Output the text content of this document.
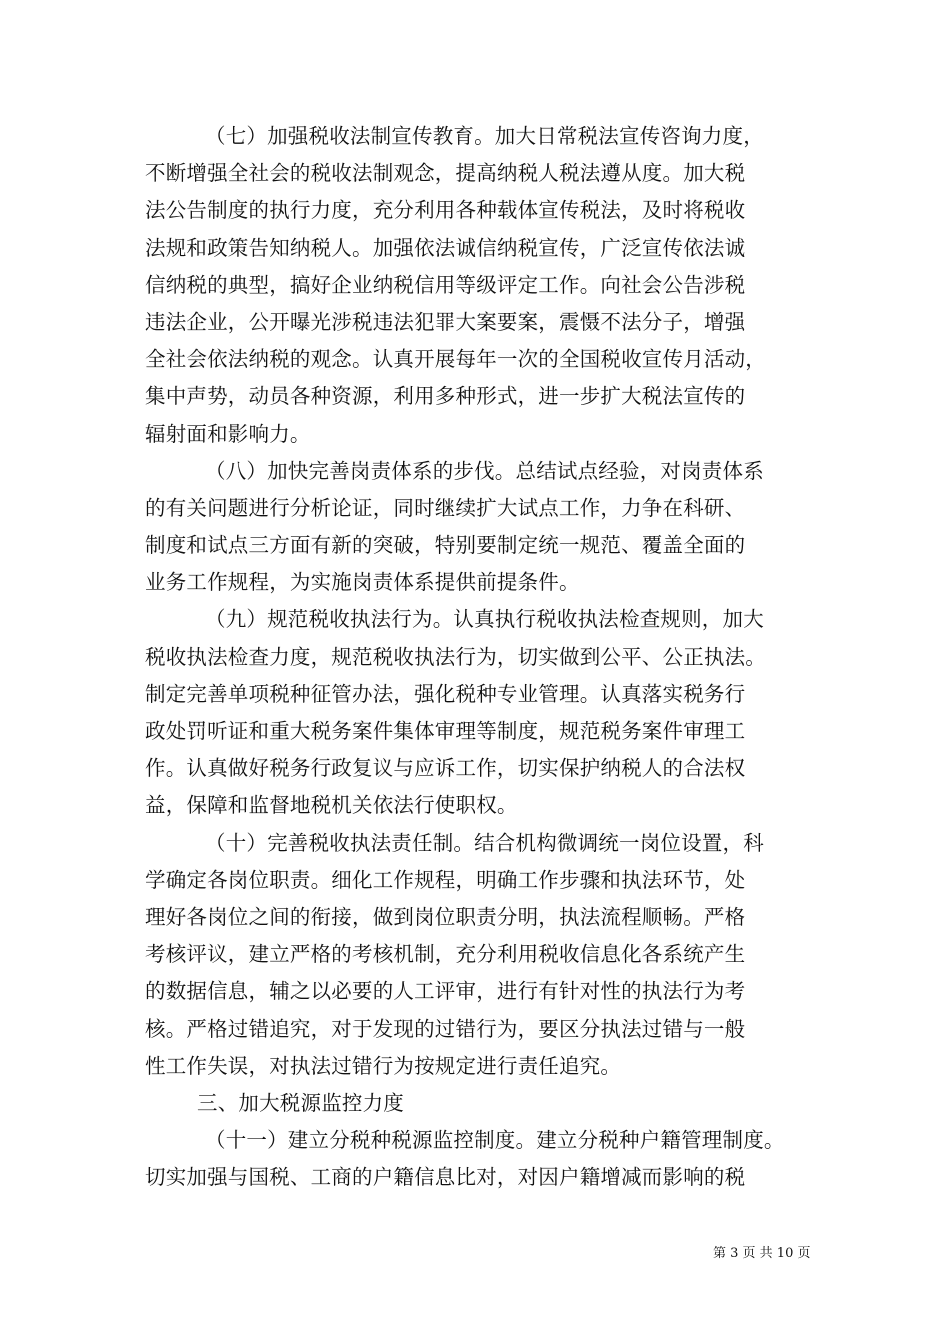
（七）加强税收法制宣传教育。加大日常税法宣传咨询力度，
不断增强全社会的税收法制观念，提高纳税人税法遵从度。加大税
法公告制度的执行力度，充分利用各种载体宣传税法，及时将税收
法规和政策告知纳税人。加强依法诚信纳税宣传，广泛宣传依法诚
信纳税的典型，搞好企业纳税信用等级评定工作。向社会公告涉税
违法企业，公开曝光涉税违法犯罪大案要案，震慑不法分子，增强
全社会依法纳税的观念。认真开展每年一次的全国税收宣传月活动，
集中声势，动员各种资源，利用多种形式，进一步扩大税法宣传的
辐射面和影响力。
（八）加快完善岗责体系的步伐。总结试点经验，对岗责体系
的有关问题进行分析论证，同时继续扩大试点工作，力争在科研、
制度和试点三方面有新的突破，特别要制定统一规范、覆盖全面的
业务工作规程，为实施岗责体系提供前提条件。
（九）规范税收执法行为。认真执行税收执法检查规则，加大
税收执法检查力度，规范税收执法行为，切实做到公平、公正执法。
制定完善单项税种征管办法，强化税种专业管理。认真落实税务行
政处罚听证和重大税务案件集体审理等制度，规范税务案件审理工
作。认真做好税务行政复议与应诉工作，切实保护纳税人的合法权
益，保障和监督地税机关依法行使职权。
（十）完善税收执法责任制。结合机构微调统一岗位设置，科
学确定各岗位职责。细化工作规程，明确工作步骤和执法环节，处
理好各岗位之间的衔接，做到岗位职责分明，执法流程顺畅。严格
考核评议，建立严格的考核机制，充分利用税收信息化各系统产生
的数据信息，辅之以必要的人工评审，进行有针对性的执法行为考
核。严格过错追究，对于发现的过错行为，要区分执法过错与一般
性工作失误，对执法过错行为按规定进行责任追究。
三、加大税源监控力度
（十一）建立分税种税源监控制度。建立分税种户籍管理制度。
切实加强与国税、工商的户籍信息比对，对因户籍增减而影响的税
第 3 页 共 10 页
